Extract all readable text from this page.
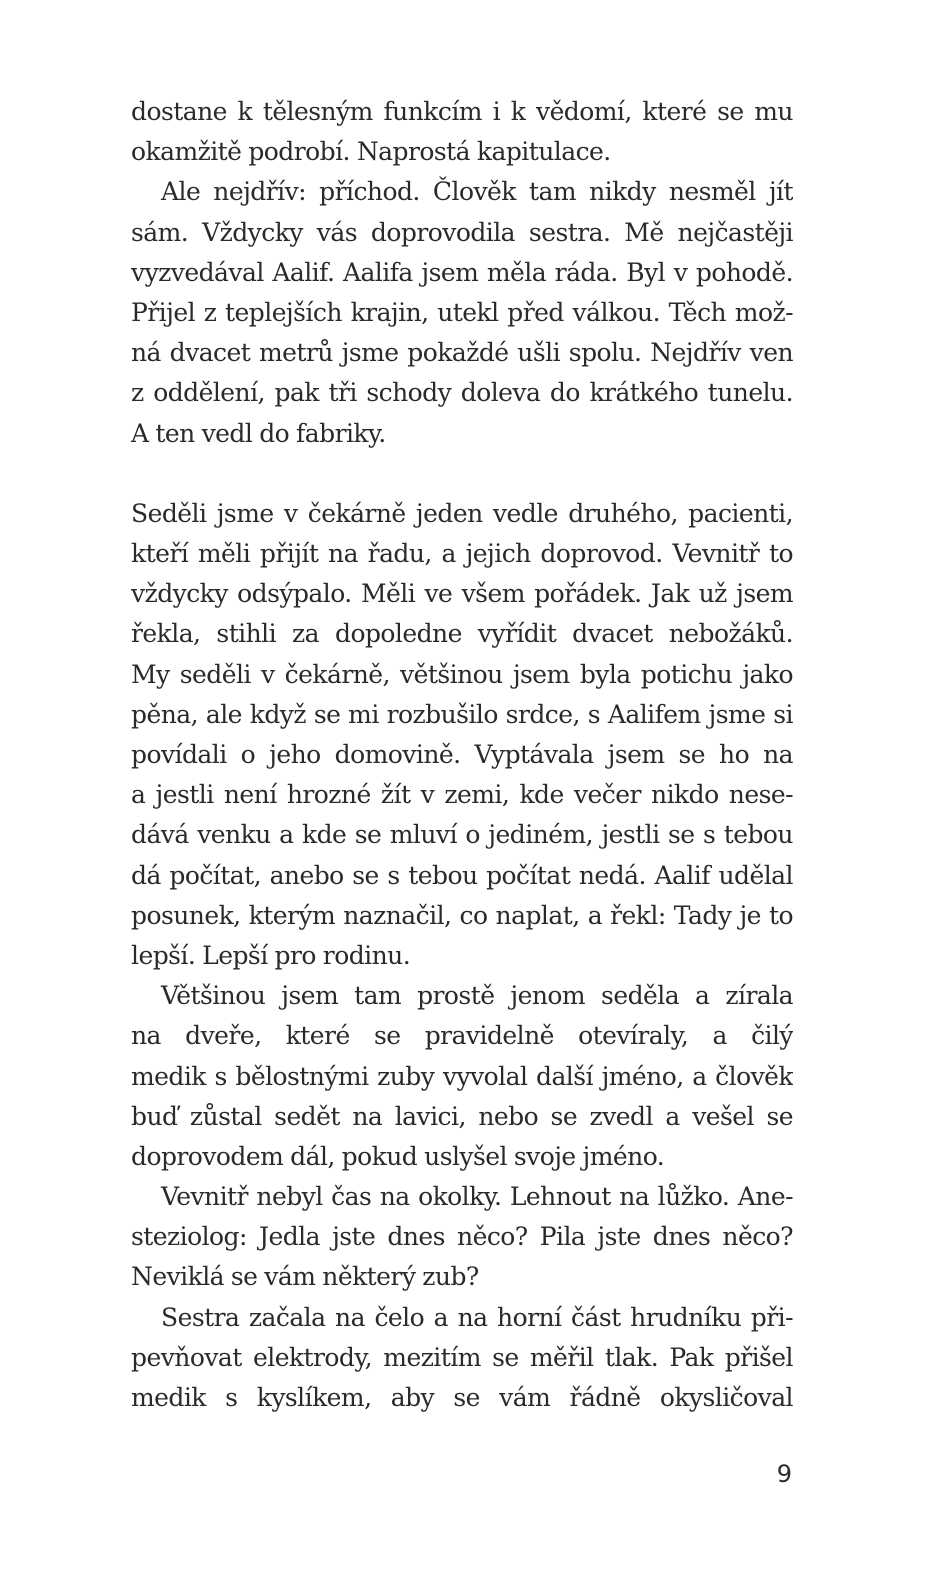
dostane k tělesným funkcím i k vědomí, které se mu
okamžitě podrobí. Naprostá kapitulace.
Ale nejdřív: příchod. Člověk tam nikdy nesměl jít
sám. Vždycky vás doprovodila sestra. Mě nejčastěji
vyzvedával Aalif. Aalifa jsem měla ráda. Byl v pohodě.
Přijel z teplejších krajin, utekl před válkou. Těch mož-
ná dvacet metrů jsme pokaždé ušli spolu. Nejdřív ven
z oddělení, pak tři schody doleva do krátkého tunelu.
A ten vedl do fabriky.
Seděli jsme v čekárně jeden vedle druhého, pacienti,
kteří měli přijít na řadu, a jejich doprovod. Vevnitř to
vždycky odsýpalo. Měli ve všem pořádek. Jak už jsem
řekla, stihli za dopoledne vyřídit dvacet nebožáků.
My seděli v čekárně, většinou jsem byla potichu jako
pěna, ale když se mi rozbušilo srdce, s Aalifem jsme si
povídali o jeho domovině. Vyptávala jsem se ho na
a jestli není hrozné žít v zemi, kde večer nikdo nese-
dává venku a kde se mluví o jediném, jestli se s tebou
dá počítat, anebo se s tebou počítat nedá. Aalif udělal
posunek, kterým naznačil, co naplat, a řekl: Tady je to
lepší. Lepší pro rodinu.
Většinou jsem tam prostě jenom seděla a zírala
na dveře, které se pravidelně otevíraly, a čilý
medik s bělostnými zuby vyvolal další jméno, a člověk
buď zůstal sedět na lavici, nebo se zvedl a vešel se
doprovodem dál, pokud uslyšel svoje jméno.
Vevnitř nebyl čas na okolky. Lehnout na lůžko. Ane-
steziolog: Jedla jste dnes něco? Pila jste dnes něco?
Neviklá se vám některý zub?
Sestra začala na čelo a na horní část hrudníku při-
pevňovat elektrody, mezitím se měřil tlak. Pak přišel
medik s kyslíkem, aby se vám řádně okysličoval
9
